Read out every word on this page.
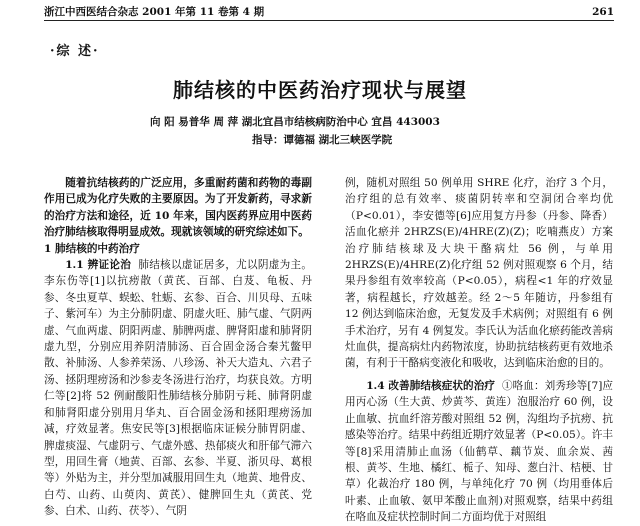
浙江中西医结合杂志 2001 年第 11 卷第 4 期	261
·综 述·
肺结核的中医药治疗现状与展望
向 阳 易普华 周 萍 湖北宜昌市结核病防治中心 宜昌 443003
指导：谭德福 湖北三峡医学院

随着抗结核药的广泛应用，多重耐药菌和药物的毒副作用已成为化疗失败的主要原因。为了开发新药，寻求新的治疗方法和途径，近 10 年来，国内医药界应用中医药治疗肺结核取得明显成效。现就该领域的研究综述如下。

1 肺结核的中药治疗

1.1 辨证论治 肺结核以虚证居多，尤以阴虚为主。李东伤等[1]以抗痨散（黄芪、百部、白芨、龟板、丹参、冬虫夏草、蜈蚣、牡蛎、玄参、百合、川贝母、五味子、紫河车）为主分肺阴虚、阴虚火旺、肺气虚、气阴两虚、气血两虚、阴阳两虚、肺脾两虚、脾肾阳虚和肺肾阴虚九型，分别应用养阴清肺汤、百合固金汤合秦艽鳖甲散、补肺汤、人参养荣汤、八珍汤、补天大造丸、六君子汤、拯阴理痨汤和沙参麦冬汤进行治疗，均获良效。方明仁等[2]将 52 例耐酸阳性肺结核分肺阴亏耗、肺肾阴虚和肺肾阳虚分别用月华丸、百合固金汤和拯阳理痨汤加减，疗效显著。焦安民等[3]根据临床证候分肺胃阴虚、脾虚痰湿、气虚阴亏、气虚外感、热郁痰火和肝郁气滞六型，用回生膏（地黄、百部、玄参、半夏、浙贝母、葛根等）外贴为主，并分型加减服用回生丸（地黄、地骨皮、白芍、山药、山萸肉、黄芪）、健脾回生丸（黄芪、党参、白术、山药、茯苓）、气阴

例，随机对照组 50 例单用 SHRE 化疗，治疗 3 个月，治疗组的总有效率、痰菌阴转率和空洞闭合率均优（P<0.01），李安德等[6]应用复方丹参（丹参、降香）活血化瘀并 2HRZS(E)/4HRE(Z)(Z)；吃喃燕皮）方案治疗肺结核球及大块干酪病灶 56 例，与单用 2HRZS(E)/4HRE(Z)化疗组 52 例对照观察 6 个月，结果丹参组有效率较高（P<0.05），病程<1 年的疗效显著，病程越长，疗效越差。经 2～5 年随访，丹参组有 12 例达到临床治愈，无复发及手术病例；对照组有 6 例手术治疗，另有 4 例复发。李氏认为活血化瘀药能改善病灶血供，提高病灶内药物浓度，协助抗结核药更有效地杀菌，有利于干酪病变液化和吸收，达到临床治愈的目的。

1.4 改善肺结核症状的治疗 ①咯血：刘秀珍等[7]应用丙心汤（生大黄、炒黄芩、黄连）泡服治疗 60 例，设止血敏、抗血纤溶芳酸对照组 52 例，沟组均予抗痨、抗感染等治疗。结果中药组近期疗效显著（P<0.05）。许丰等[8]采用清肺止血汤（仙鹤草、藕节炭、血余炭、茜根、黄芩、生地、橘红、栀子、知母、葱白汁、桔梗、甘草）化裁治疗 180 例，与单纯化疗 70 例（均用垂体后叶素、止血敏、氨甲苯酸止血剂)对照观察，结果中药组在咯血及症状控制时间二方面均优于对照组
